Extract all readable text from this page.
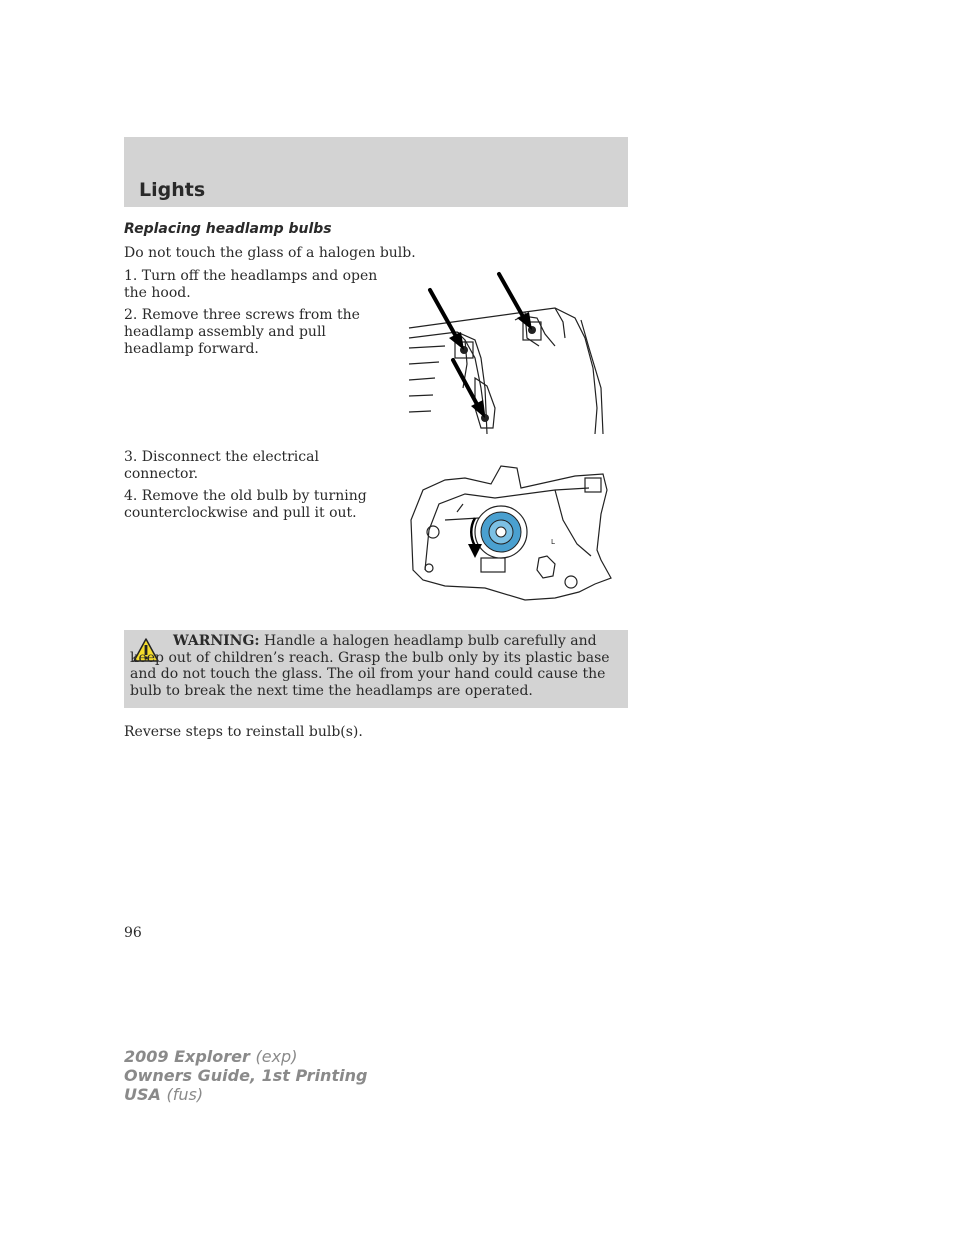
Lights
Replacing headlamp bulbs
Do not touch the glass of a halogen bulb.
1. Turn off the headlamps and open the hood.
2. Remove three screws from the headlamp assembly and pull headlamp forward.
3. Disconnect the electrical connector.
4. Remove the old bulb by turning counterclockwise and pull it out.
L
WARNING: Handle a halogen headlamp bulb carefully and keep out of children’s reach. Grasp the bulb only by its plastic base and do not touch the glass. The oil from your hand could cause the bulb to break the next time the headlamps are operated.
Reverse steps to reinstall bulb(s).
96
2009 Explorer (exp)
Owners Guide, 1st Printing
USA (fus)
